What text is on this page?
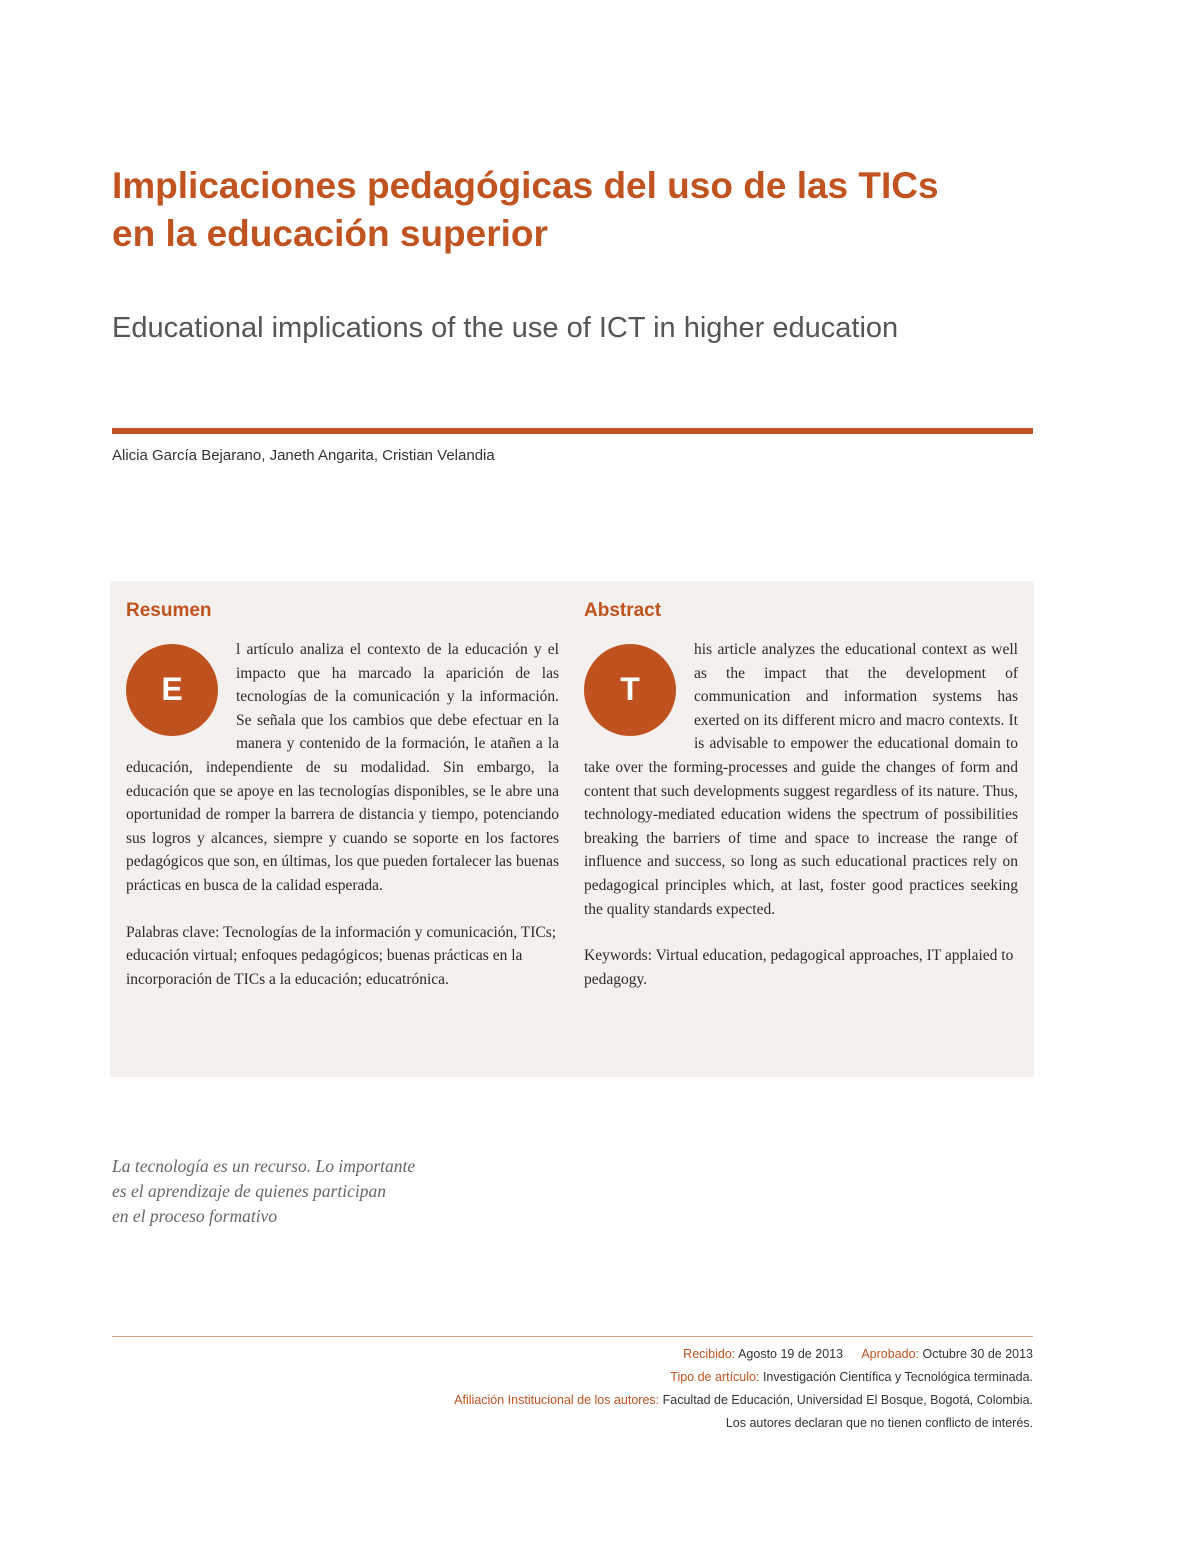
Implicaciones pedagógicas del uso de las TICs
en la educación superior
Educational implications of the use of ICT in higher education
Alicia García Bejarano, Janeth Angarita, Cristian Velandia
Resumen

E
l artículo analiza el contexto de la educación y el impacto que ha marcado la aparición de las tecnologías de la comunicación y la información. Se señala que los cambios que debe efectuar en la manera y contenido de la formación, le atañen a la educación, independiente de su modalidad. Sin embargo, la educación que se apoye en las tecnologías disponibles, se le abre una oportunidad de romper la barrera de distancia y tiempo, potenciando sus logros y alcances, siempre y cuando se soporte en los factores pedagógicos que son, en últimas, los que pueden fortalecer las buenas prácticas en busca de la calidad esperada.

Palabras clave: Tecnologías de la información y comunicación, TICs; educación virtual; enfoques pedagógicos; buenas prácticas en la incorporación de TICs a la educación; educatrónica.

Abstract

T
his article analyzes the educational context as well as the impact that the development of communication and information systems has exerted on its different micro and macro contexts. It is advisable to empower the educational domain to take over the forming-processes and guide the changes of form and content that such developments suggest regardless of its nature. Thus, technology-mediated education widens the spectrum of possibilities breaking the barriers of time and space to increase the range of influence and success, so long as such educational practices rely on pedagogical principles which, at last, foster good practices seeking the quality standards expected.

Keywords: Virtual education, pedagogical approaches, IT applaied to pedagogy.

La tecnología es un recurso. Lo importante
es el aprendizaje de quienes participan
en el proceso formativo
Recibido: Agosto 19 de 2013 Aprobado: Octubre 30 de 2013
Tipo de artículo: Investigación Científica y Tecnológica terminada.
Afiliación Institucional de los autores: Facultad de Educación, Universidad El Bosque, Bogotá, Colombia.
Los autores declaran que no tienen conflicto de interés.
